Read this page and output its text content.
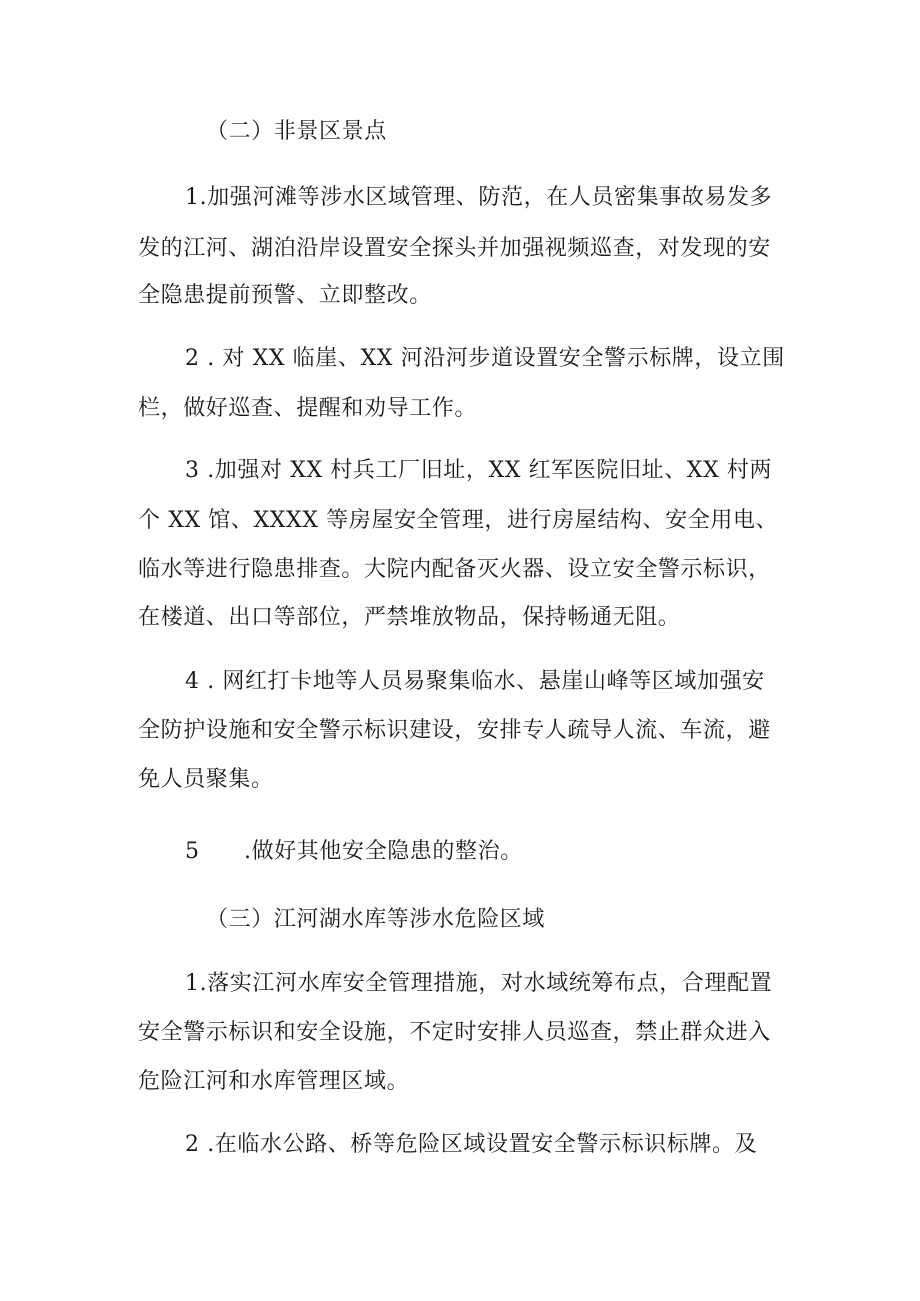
（二）非景区景点
1.加强河滩等涉水区域管理、防范，在人员密集事故易发多
发的江河、湖泊沿岸设置安全探头并加强视频巡查，对发现的安
全隐患提前预警、立即整改。
2 . 对 XX 临崖、XX 河沿河步道设置安全警示标牌，设立围
栏，做好巡查、提醒和劝导工作。
3 .加强对 XX 村兵工厂旧址，XX 红军医院旧址、XX 村两
个 XX 馆、XXXX 等房屋安全管理，进行房屋结构、安全用电、
临水等进行隐患排查。大院内配备灭火器、设立安全警示标识，
在楼道、出口等部位，严禁堆放物品，保持畅通无阻。
4 . 网红打卡地等人员易聚集临水、悬崖山峰等区域加强安
全防护设施和安全警示标识建设，安排专人疏导人流、车流，避
免人员聚集。
5 .做好其他安全隐患的整治。
（三）江河湖水库等涉水危险区域
1.落实江河水库安全管理措施，对水域统筹布点，合理配置
安全警示标识和安全设施，不定时安排人员巡查，禁止群众进入
危险江河和水库管理区域。
2 .在临水公路、桥等危险区域设置安全警示标识标牌。及
